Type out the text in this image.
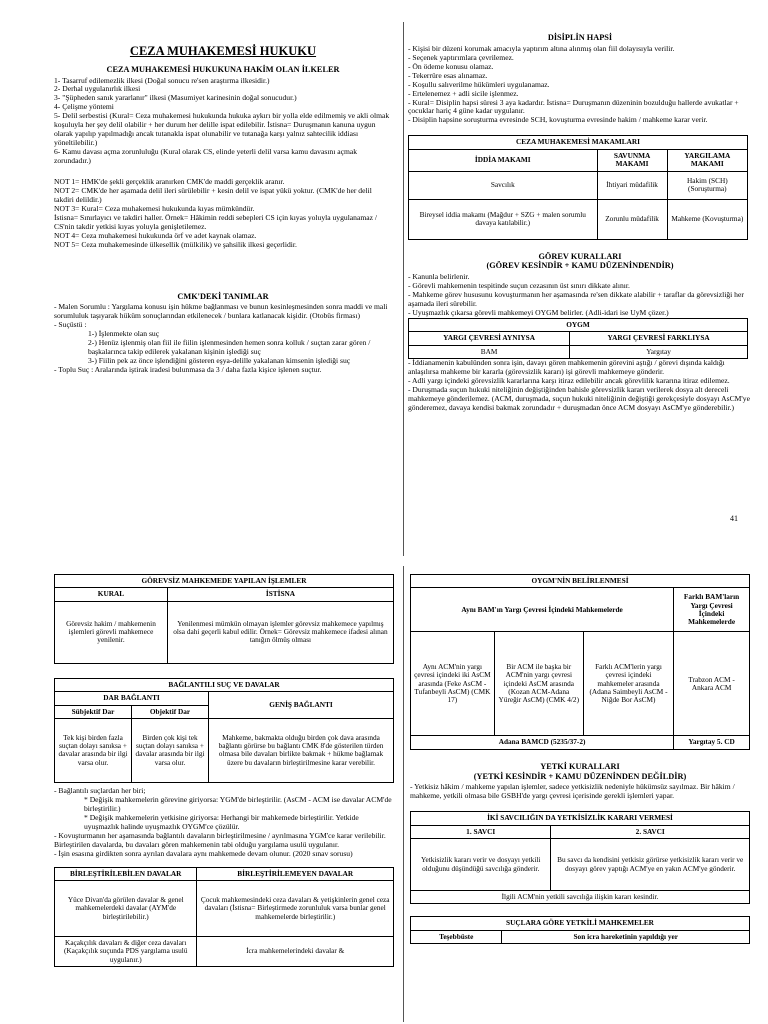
CEZA MUHAKEMESİ HUKUKU
CEZA MUHAKEMESİ HUKUKUNA HAKİM OLAN İLKELER

1- Tasarruf edilemezlik ilkesi (Doğal sonucu re'sen araştırma ilkesidir.)

2- Derhal uygulanırlık ilkesi

3- "Şüpheden sanık yararlanır" ilkesi (Masumiyet karinesinin doğal sonucudur.)

4- Çelişme yöntemi

5- Delil serbestisi (Kural= Ceza muhakemesi hukukunda hukuka aykırı bir yolla elde edilmemiş ve akli olmak koşuluyla her şey delil olabilir + her durum her delille ispat edilebilir. İstisna= Duruşmanın kanuna uygun olarak yapılıp yapılmadığı ancak tutanakla ispat olunabilir ve tutanağa karşı yalnız sahtecilik iddiası yöneltilebilir.)

6- Kamu davası açma zorunluluğu (Kural olarak CS, elinde yeterli delil varsa kamu davasını açmak zorundadır.)

NOT 1= HMK'de şekli gerçeklik aranırken CMK'de maddi gerçeklik aranır.

NOT 2= CMK'de her aşamada delil ileri sürülebilir + kesin delil ve ispat yükü yoktur. (CMK'de her delil takdiri delildir.)

NOT 3= Kural= Ceza muhakemesi hukukunda kıyas mümkündür.

İstisna= Sınırlayıcı ve takdiri haller. Örnek= Hâkimin reddi sebepleri CS için kıyas yoluyla uygulanamaz / CS'nin takdir yetkisi kıyas yoluyla genişletilemez.

NOT 4= Ceza muhakemesi hukukunda örf ve adet kaynak olamaz.

NOT 5= Ceza muhakemesinde ülkesellik (mülkilik) ve şahsilik ilkesi geçerlidir.

CMK'DEKİ TANIMLAR

- Malen Sorumlu : Yargılama konusu işin hükme bağlanması ve bunun kesinleşmesinden sonra maddi ve mali sorumluluk taşıyarak hüküm sonuçlarından etkilenecek / bunlara katlanacak kişidir. (Otobüs firması)

- Suçüstü :

1-) İşlenmekte olan suç

2-) Henüz işlenmiş olan fiil ile fiilin işlenmesinden hemen sonra kolluk / suçtan zarar gören / başkalarınca takip edilerek yakalanan kişinin işlediği suç

3-) Fiilin pek az önce işlendiğini gösteren eşya-delille yakalanan kimsenin işlediği suç

- Toplu Suç : Aralarında iştirak iradesi bulunmasa da 3 / daha fazla kişice işlenen suçtur.

DİSİPLİN HAPSİ

- Kişisi bir düzeni korumak amacıyla yaptırım altına alınmış olan fiil dolayısıyla verilir.

- Seçenek yaptırımlara çevrilemez.

- Ön ödeme konusu olamaz.

- Tekerrüre esas alınamaz.

- Koşullu salıverilme hükümleri uygulanamaz.

- Ertelenemez + adli sicile işlenmez.

- Kural= Disiplin hapsi süresi 3 aya kadardır. İstisna= Duruşmanın düzeninin bozulduğu hallerde avukatlar + çocuklar hariç 4 güne kadar uygulanır.

- Disiplin hapsine soruşturma evresinde SCH, kovuşturma evresinde hakim / mahkeme karar verir.

CEZA MUHAKEMESİ MAKAMLARI		
İDDİA MAKAMI	SAVUNMA MAKAMI	YARGILAMA MAKAMI
Savcılık	İhtiyari müdafilik	Hakim (SCH) (Soruşturma)
Bireysel iddia makamı (Mağdur + SZG + malen sorumlu davaya katılabilir.)	Zorunlu müdafilik	Mahkeme (Kovuşturma)
GÖREV KURALLARI
(GÖREV KESİNDİR + KAMU DÜZENİNDENDİR)

- Kanunla belirlenir.

- Görevli mahkemenin tespitinde suçun cezasının üst sınırı dikkate alınır.

- Mahkeme görev hususunu kovuşturmanın her aşamasında re'sen dikkate alabilir + taraflar da görevsizliği her aşamada ileri sürebilir.

- Uyuşmazlık çıkarsa görevli mahkemeyi OYGM belirler. (Adli-idari ise UyM çözer.)

OYGM	
YARGI ÇEVRESİ AYNIYSA	YARGI ÇEVRESİ FARKLIYSA
BAM	Yargıtay

- İddianamenin kabulünden sonra işin, davayı gören mahkemenin görevini aştığı / görevi dışında kaldığı anlaşılırsa mahkeme bir kararla (görevsizlik kararı) işi görevli mahkemeye gönderir.

- Adli yargı içindeki görevsizlik kararlarına karşı itiraz edilebilir ancak görevlilik kararına itiraz edilemez.

- Duruşmada suçun hukuki niteliğinin değiştiğinden bahisle görevsizlik kararı verilerek dosya alt dereceli mahkemeye gönderilemez. (ACM, duruşmada, suçun hukuki niteliğinin değiştiği gerekçesiyle dosyayı AsCM'ye gönderemez, davaya kendisi bakmak zorundadır + duruşmadan önce ACM dosyayı AsCM'ye gönderebilir.)

41
GÖREVSİZ MAHKEMEDE YAPILAN İŞLEMLER	
KURAL	İSTİSNA
Görevsiz hakim / mahkemenin işlemleri görevli mahkemece yenilenir.	Yenilenmesi mümkün olmayan işlemler görevsiz mahkemece yapılmış olsa dahi geçerli kabul edilir. Örnek= Görevsiz mahkemece ifadesi alınan tanığın ölmüş olması
BAĞLANTILI SUÇ VE DAVALAR		
DAR BAĞLANTI		GENİŞ BAĞLANTI
Sübjektif Dar	Objektif Dar	
Tek kişi birden fazla suçtan dolayı sanıksa + davalar arasında bir ilgi varsa olur.	Birden çok kişi tek suçtan dolayı sanıksa + davalar arasında bir ilgi varsa olur.	Mahkeme, bakmakta olduğu birden çok dava arasında bağlantı görürse bu bağlantı CMK 8'de gösterilen türden olmasa bile davaları birlikte bakmak + hükme bağlamak üzere bu davaların birleştirilmesine karar verebilir.

- Bağlantılı suçlardan her biri;

* Değişik mahkemelerin görevine giriyorsa: YGM'de birleştirilir. (AsCM - ACM ise davalar ACM'de birleştirilir.)

* Değişik mahkemelerin yetkisine giriyorsa: Herhangi bir mahkemede birleştirilir. Yetkide uyuşmazlık halinde uyuşmazlık OYGM'ce çözülür.

- Kovuşturmanın her aşamasında bağlantılı davaların birleştirilmesine / ayrılmasına YGM'ce karar verilebilir. Birleştirilen davalarda, bu davaları gören mahkemenin tabi olduğu yargılama usulü uygulanır.

- İşin esasına girdikten sonra ayrılan davalara aynı mahkemede devam olunur. (2020 sınav sorusu)

BİRLEŞTİRİLEBİLEN DAVALAR	BİRLEŞTİRİLEMEYEN DAVALAR
Yüce Divan'da görülen davalar & genel mahkemelerdeki davalar (AYM'de birleştirilebilir.)	Çocuk mahkemesindeki ceza davaları & yetişkinlerin genel ceza davaları (İstisna= Birleştirmede zorunluluk varsa bunlar genel mahkemelerde birleştirilir.)
Kaçakçılık davaları & diğer ceza davaları (Kaçakçılık suçunda PDS yargılama usulü uygulanır.)	İcra mahkemelerindeki davalar &
OYGM'NİN BELİRLENMESİ			
Aynı BAM'ın Yargı Çevresi İçindeki Mahkemelerde			Farklı BAM'ların Yargı Çevresi İçindeki Mahkemelerde
Aynı ACM'nin yargı çevresi içindeki iki AsCM arasında (Feke AsCM - Tufanbeyli AsCM) (CMK 17)	Bir ACM ile başka bir ACM'nin yargı çevresi içindeki AsCM arasında (Kozan ACM-Adana Yüreğir AsCM) (CMK 4/2)	Farklı ACM'lerin yargı çevresi içindeki mahkemeler arasında (Adana Saimbeyli AsCM - Niğde Bor AsCM)	Trabzon ACM - Ankara ACM
Adana BAMCD (5235/37-2)			Yargıtay 5. CD
YETKİ KURALLARI
(YETKİ KESİNDİR + KAMU DÜZENİNDEN DEĞİLDİR)

- Yetkisiz hâkim / mahkeme yapılan işlemler, sadece yetkisizlik nedeniyle hükümsüz sayılmaz. Bir hâkim / mahkeme, yetkili olmasa bile GSBH'de yargı çevresi içerisinde gerekli işlemleri yapar.

İKİ SAVCILIĞIN DA YETKİSİZLİK KARARI VERMESİ	
1. SAVCI	2. SAVCI
Yetkisizlik kararı verir ve dosyayı yetkili olduğunu düşündüğü savcılığa gönderir.	Bu savcı da kendisini yetkisiz görürse yetkisizlik kararı verir ve dosyayı görev yaptığı ACM'ye en yakın ACM'ye gönderir.
İlgili ACM'nin yetkili savcılığa ilişkin kararı kesindir.	
SUÇLARA GÖRE YETKİLİ MAHKEMELER
Teşebbüste	Son icra hareketinin yapıldığı yer
